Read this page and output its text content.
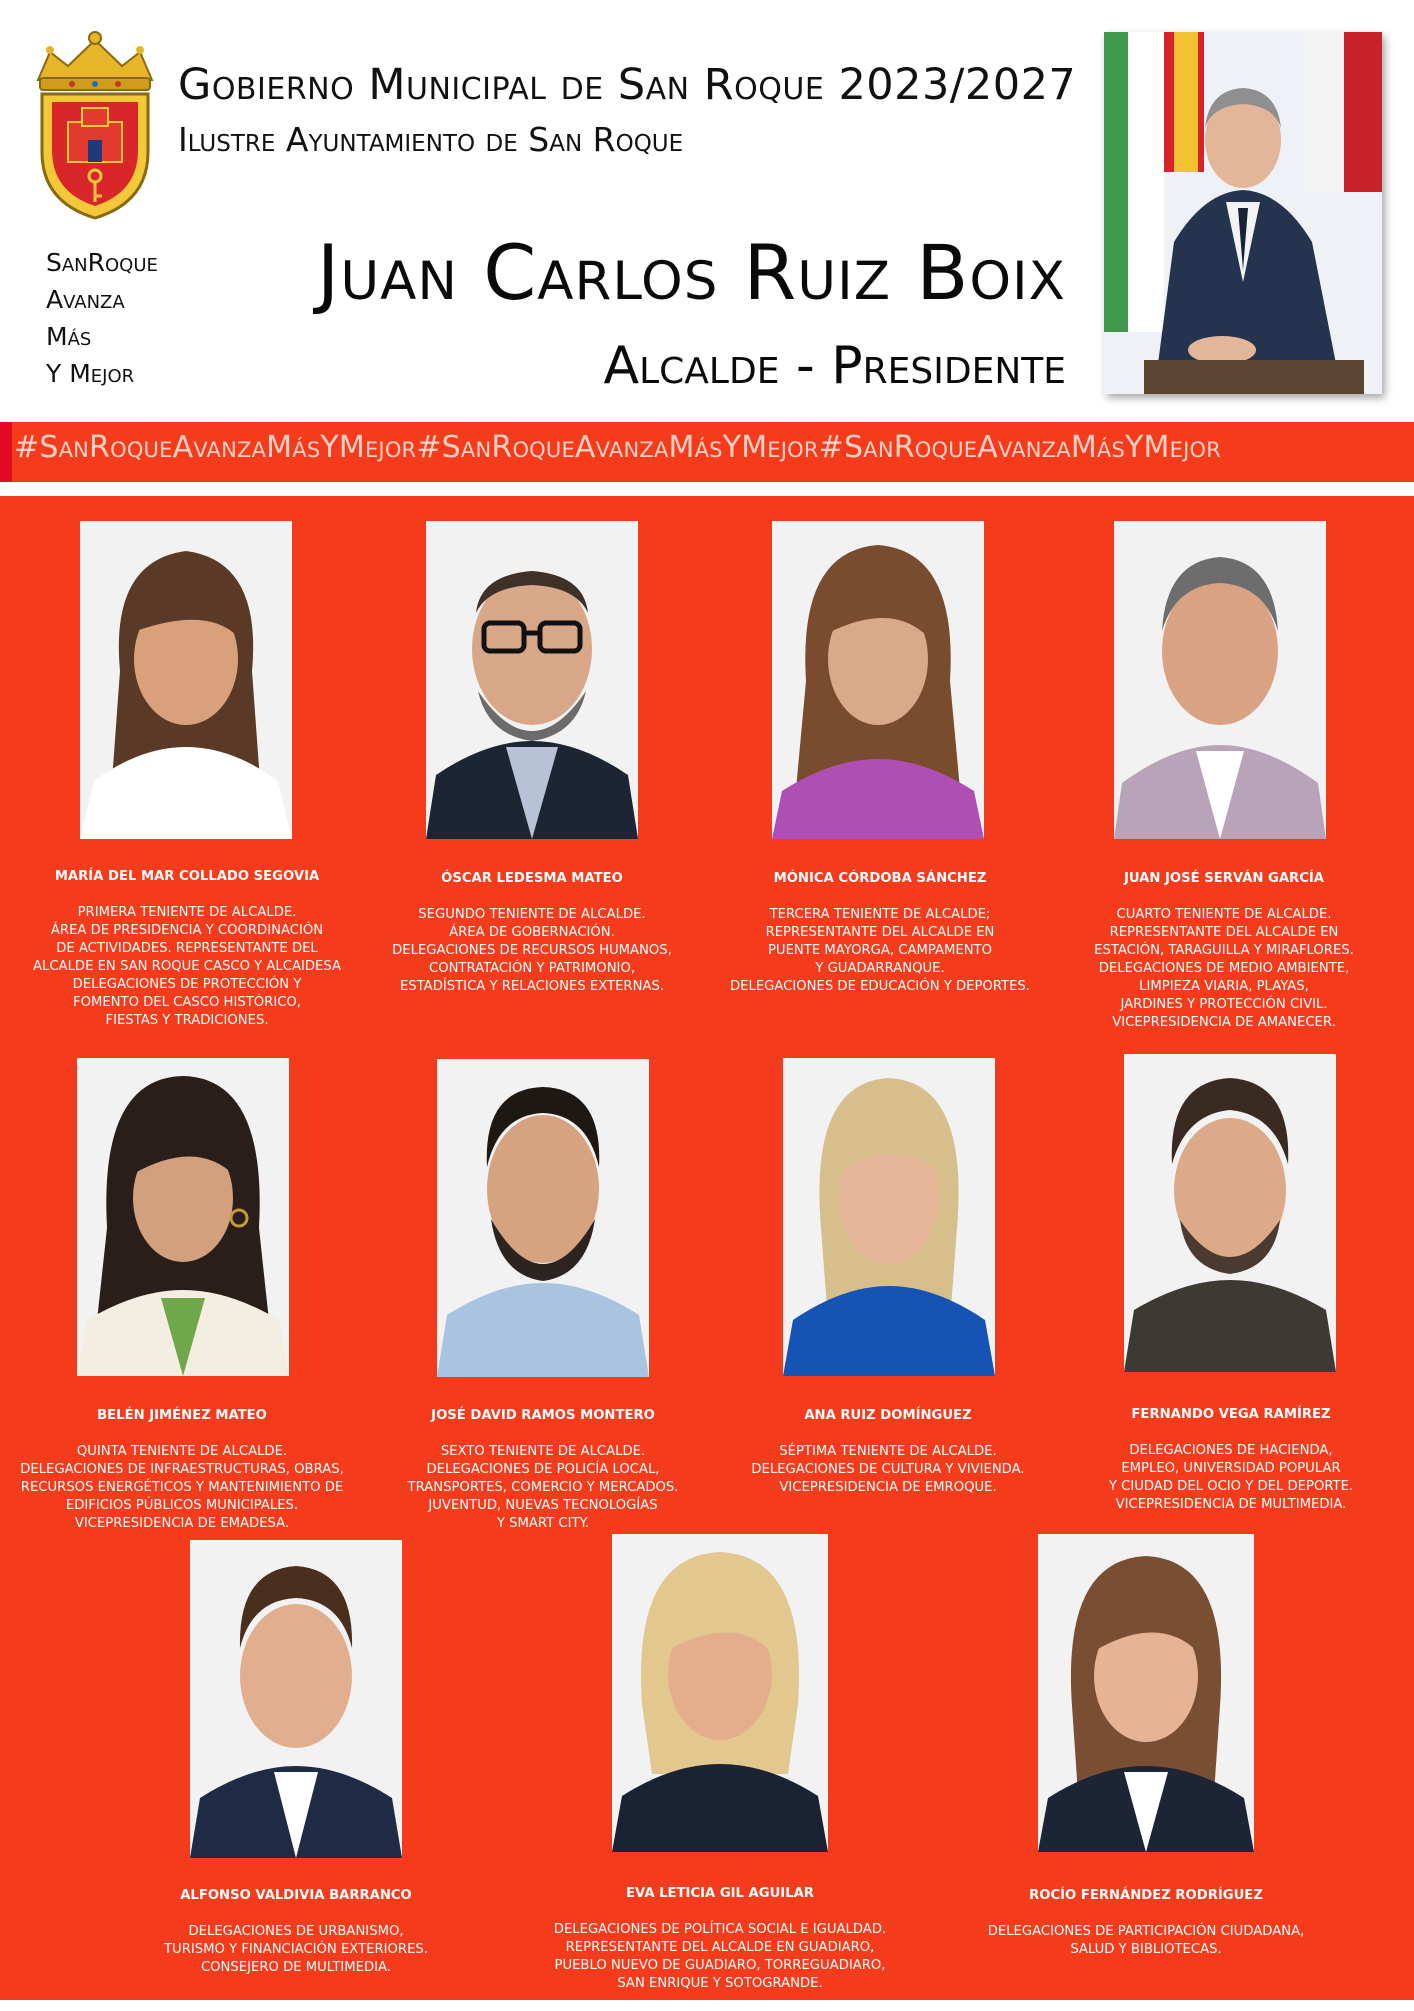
SanRoque
Avanza
Más
Y Mejor
Gobierno Municipal de San Roque 2023/2027
Ilustre Ayuntamiento de San Roque
Juan Carlos Ruiz Boix
Alcalde - Presidente
#SanRoqueAvanzaMásYMejor#SanRoqueAvanzaMásYMejor#SanRoqueAvanzaMásYMejor

MARÍA DEL MAR COLLADO SEGOVIA

PRIMERA TENIENTE DE ALCALDE.
ÁREA DE PRESIDENCIA Y COORDINACIÓN
DE ACTIVIDADES. REPRESENTANTE DEL
ALCALDE EN SAN ROQUE CASCO Y ALCAIDESA
DELEGACIONES DE PROTECCIÓN Y
FOMENTO DEL CASCO HISTÓRICO,
FIESTAS Y TRADICIONES.

ÓSCAR LEDESMA MATEO

SEGUNDO TENIENTE DE ALCALDE.
ÁREA DE GOBERNACIÓN.
DELEGACIONES DE RECURSOS HUMANOS,
CONTRATACIÓN Y PATRIMONIO,
ESTADÍSTICA Y RELACIONES EXTERNAS.

MÓNICA CÓRDOBA SÁNCHEZ

TERCERA TENIENTE DE ALCALDE;
REPRESENTANTE DEL ALCALDE EN
PUENTE MAYORGA, CAMPAMENTO
Y GUADARRANQUE.
DELEGACIONES DE EDUCACIÓN Y DEPORTES.

JUAN JOSÉ SERVÁN GARCÍA

CUARTO TENIENTE DE ALCALDE.
REPRESENTANTE DEL ALCALDE EN
ESTACIÓN, TARAGUILLA Y MIRAFLORES.
DELEGACIONES DE MEDIO AMBIENTE,
LIMPIEZA VIARIA, PLAYAS,
JARDINES Y PROTECCIÓN CIVIL.
VICEPRESIDENCIA DE AMANECER.

BELÉN JIMÉNEZ MATEO

QUINTA TENIENTE DE ALCALDE.
DELEGACIONES DE INFRAESTRUCTURAS, OBRAS,
RECURSOS ENERGÉTICOS Y MANTENIMIENTO DE
EDIFICIOS PÚBLICOS MUNICIPALES.
VICEPRESIDENCIA DE EMADESA.

JOSÉ DAVID RAMOS MONTERO

SEXTO TENIENTE DE ALCALDE.
DELEGACIONES DE POLICÍA LOCAL,
TRANSPORTES, COMERCIO Y MERCADOS.
JUVENTUD, NUEVAS TECNOLOGÍAS
Y SMART CITY.

ANA RUIZ DOMÍNGUEZ

SÉPTIMA TENIENTE DE ALCALDE.
DELEGACIONES DE CULTURA Y VIVIENDA.
VICEPRESIDENCIA DE EMROQUE.

FERNANDO VEGA RAMÍREZ

DELEGACIONES DE HACIENDA,
EMPLEO, UNIVERSIDAD POPULAR
Y CIUDAD DEL OCIO Y DEL DEPORTE.
VICEPRESIDENCIA DE MULTIMEDIA.

ALFONSO VALDIVIA BARRANCO

DELEGACIONES DE URBANISMO,
TURISMO Y FINANCIACIÓN EXTERIORES.
CONSEJERO DE MULTIMEDIA.

EVA LETICIA GIL AGUILAR

DELEGACIONES DE POLÍTICA SOCIAL E IGUALDAD.
REPRESENTANTE DEL ALCALDE EN GUADIARO,
PUEBLO NUEVO DE GUADIARO, TORREGUADIARO,
SAN ENRIQUE Y SOTOGRANDE.

ROCÍO FERNÁNDEZ RODRÍGUEZ

DELEGACIONES DE PARTICIPACIÓN CIUDADANA,
SALUD Y BIBLIOTECAS.
